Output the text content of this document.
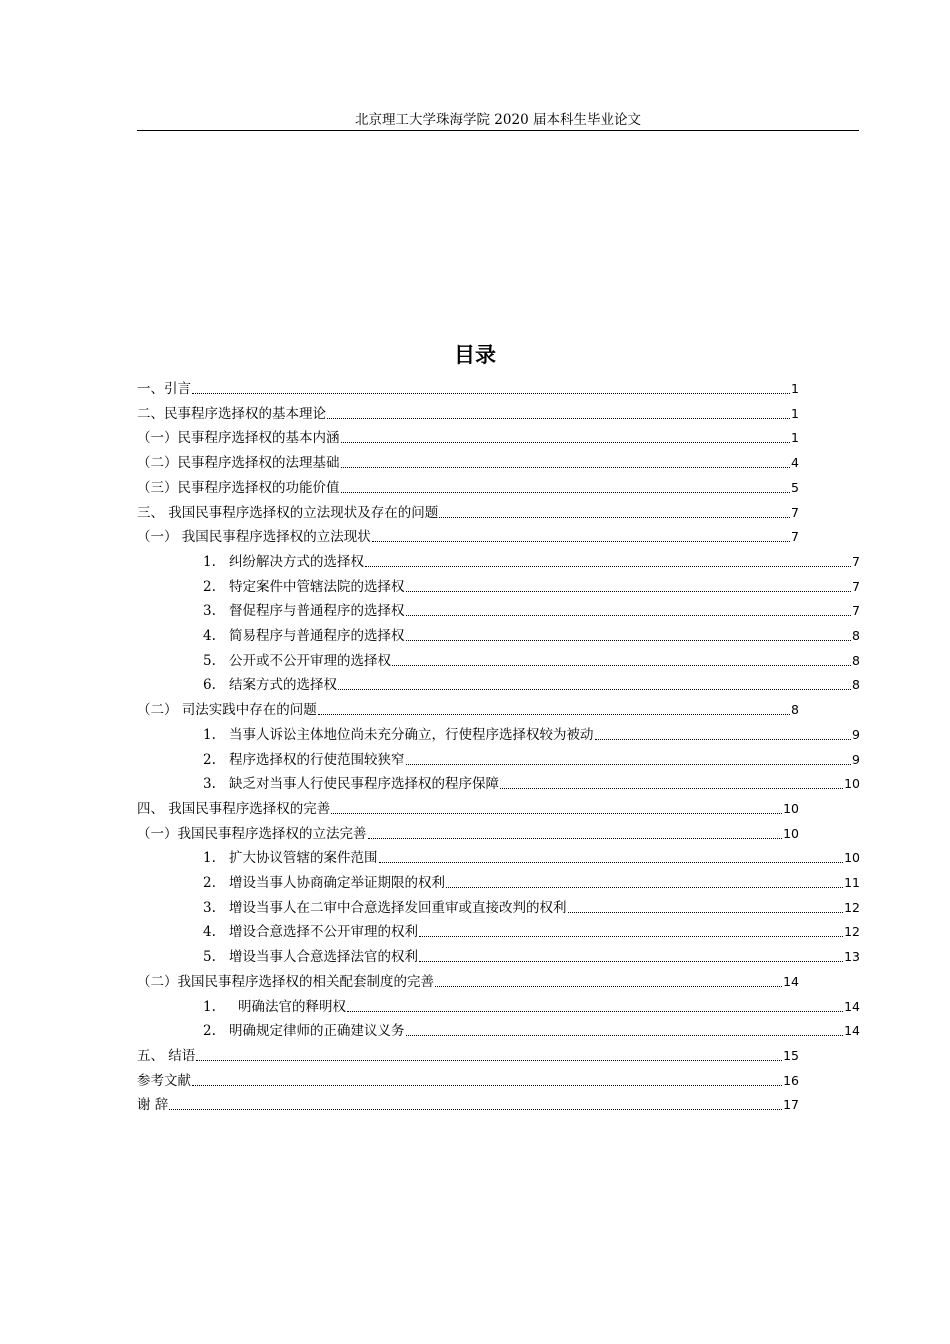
北京理工大学珠海学院 2020 届本科生毕业论文
目录
一、引言	1
二、民事程序选择权的基本理论	1
（一）民事程序选择权的基本内涵	1
（二）民事程序选择权的法理基础	4
（三）民事程序选择权的功能价值	5
三、 我国民事程序选择权的立法现状及存在的问题	7
（一） 我国民事程序选择权的立法现状	7
1. 纠纷解决方式的选择权	7
2. 特定案件中管辖法院的选择权	7
3. 督促程序与普通程序的选择权	7
4. 简易程序与普通程序的选择权	8
5. 公开或不公开审理的选择权	8
6. 结案方式的选择权	8
（二） 司法实践中存在的问题	8
1. 当事人诉讼主体地位尚未充分确立，行使程序选择权较为被动	9
2. 程序选择权的行使范围较狭窄	9
3. 缺乏对当事人行使民事程序选择权的程序保障	10
四、 我国民事程序选择权的完善	10
（一）我国民事程序选择权的立法完善	10
1. 扩大协议管辖的案件范围	10
2. 增设当事人协商确定举证期限的权利	11
3. 增设当事人在二审中合意选择发回重审或直接改判的权利	12
4. 增设合意选择不公开审理的权利	12
5. 增设当事人合意选择法官的权利	13
（二）我国民事程序选择权的相关配套制度的完善	14
1. 明确法官的释明权	14
2. 明确规定律师的正确建议义务	14
五、 结语	15
参考文献	16
谢 辞	17
